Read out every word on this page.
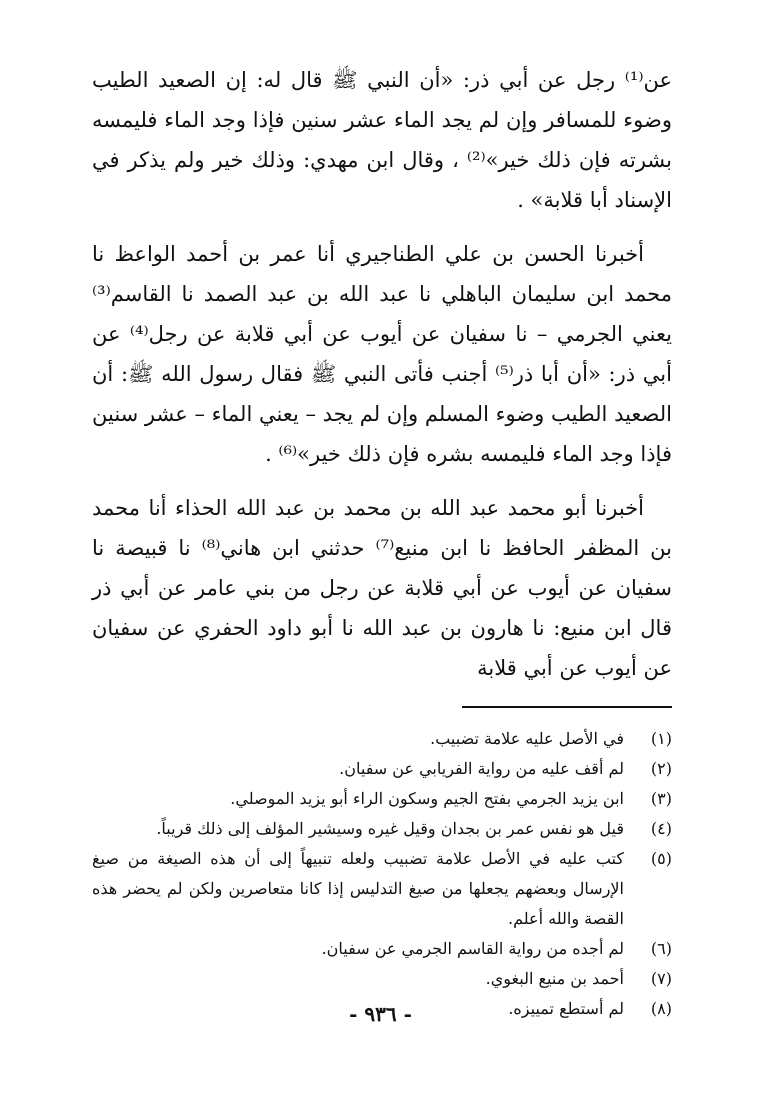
عن⁽¹⁾ رجل عن أبي ذر: «أن النبي ﷺ قال له: إن الصعيد الطيب وضوء للمسافر وإن لم يجد الماء عشر سنين فإذا وجد الماء فليمسه بشرته فإن ذلك خير»⁽²⁾ ، وقال ابن مهدي: وذلك خير ولم يذكر في الإسناد أبا قلابة» .

أخبرنا الحسن بن علي الطناجيري أنا عمر بن أحمد الواعظ نا محمد ابن سليمان الباهلي نا عبد الله بن عبد الصمد نا القاسم⁽³⁾ يعني الجرمي – نا سفيان عن أيوب عن أبي قلابة عن رجل⁽⁴⁾ عن أبي ذر: «أن أبا ذر⁽⁵⁾ أجنب فأتى النبي ﷺ فقال رسول الله ﷺ: أن الصعيد الطيب وضوء المسلم وإن لم يجد – يعني الماء – عشر سنين فإذا وجد الماء فليمسه بشره فإن ذلك خير»⁽⁶⁾ .

أخبرنا أبو محمد عبد الله بن محمد بن عبد الله الحذاء أنا محمد بن المظفر الحافظ نا ابن منيع⁽⁷⁾ حدثني ابن هاني⁽⁸⁾ نا قبيصة نا سفيان عن أيوب عن أبي قلابة عن رجل من بني عامر عن أبي ذر قال ابن منيع: نا هارون بن عبد الله نا أبو داود الحفري عن سفيان عن أيوب عن أبي قلابة

(١)
في الأصل عليه علامة تضبيب.
(٢)
لم أقف عليه من رواية الفريابي عن سفيان.
(٣)
ابن يزيد الجرمي بفتح الجيم وسكون الراء أبو يزيد الموصلي.
(٤)
قيل هو نفس عمر بن بجدان وقيل غيره وسيشير المؤلف إلى ذلك قريباً.
(٥)
كتب عليه في الأصل علامة تضبيب ولعله تنبيهاً إلى أن هذه الصيغة من صيغ الإرسال وبعضهم يجعلها من صيغ التدليس إذا كانا متعاصرين ولكن لم يحضر هذه القصة والله أعلم.
(٦)
لم أجده من رواية القاسم الجرمي عن سفيان.
(٧)
أحمد بن منيع البغوي.
(٨)
لم أستطع تمييزه.
- ٩٣٦ -
